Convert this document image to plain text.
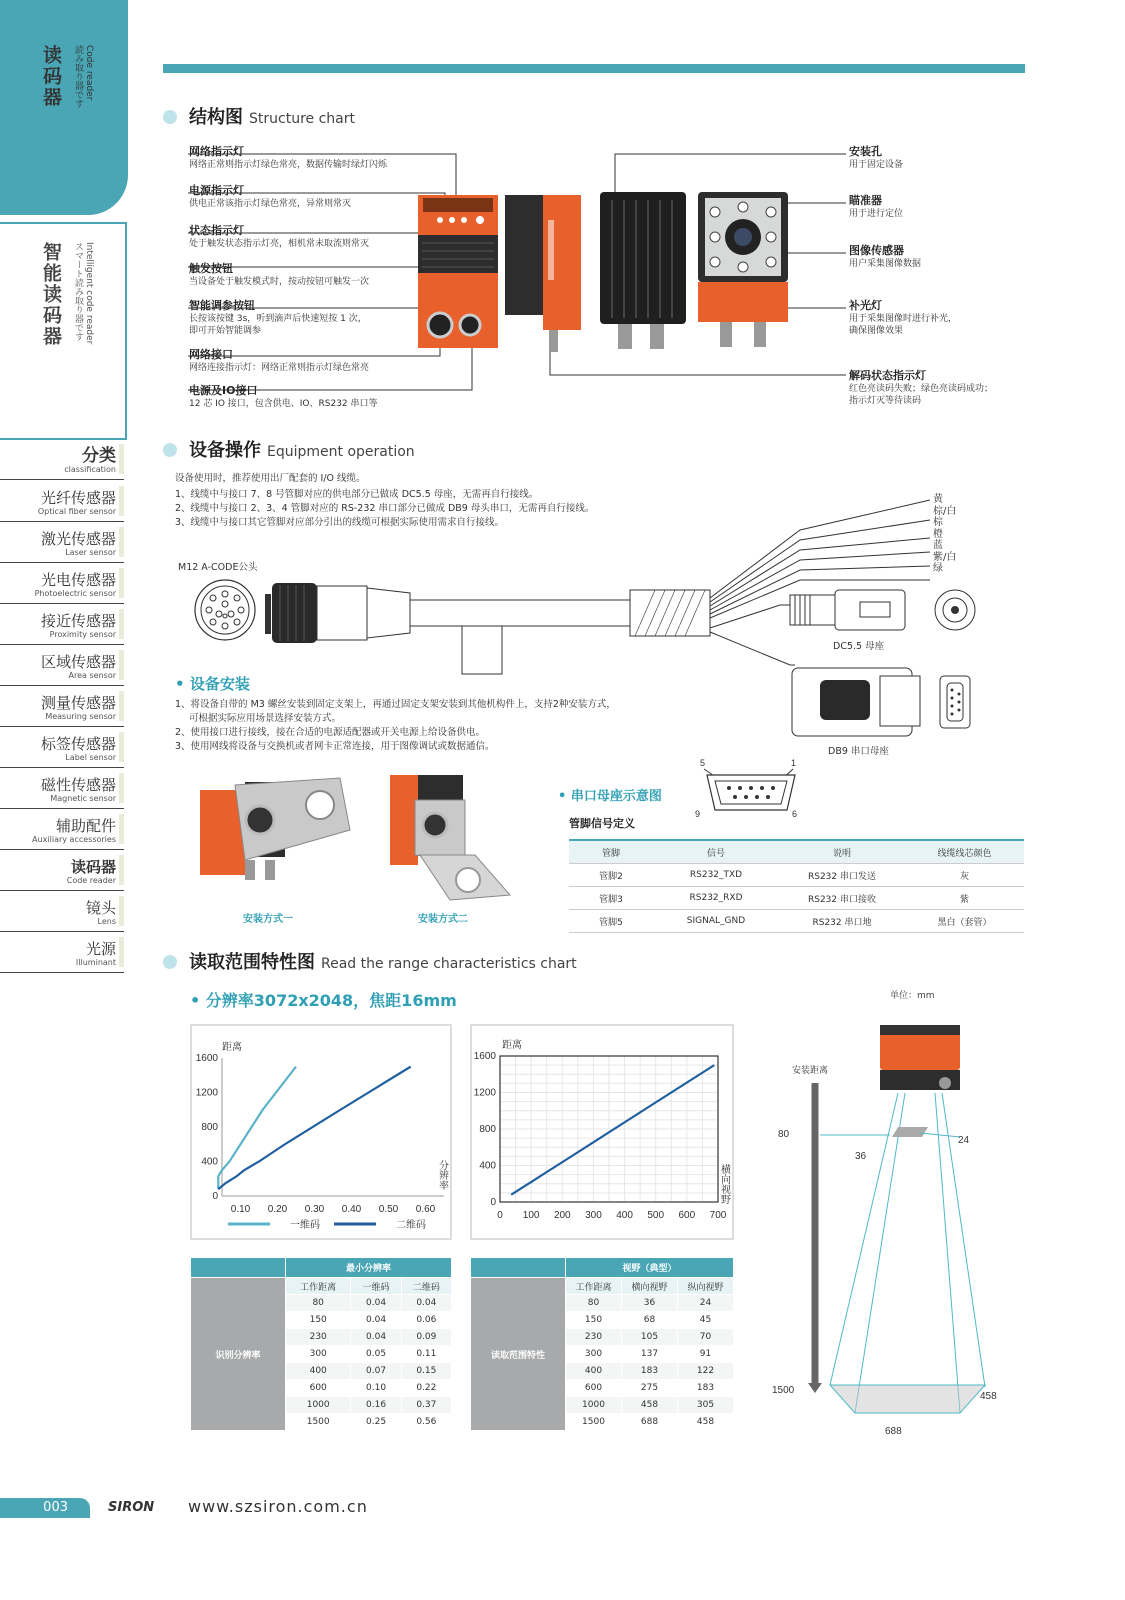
读码器	Code reader
読み取り器です
智能读码器	Intelligent code reader
スマート読み取り器です
分类
classification
光纤传感器
Optical fiber sensor
激光传感器
Laser sensor
光电传感器
Photoelectric sensor
接近传感器
Proximity sensor
区域传感器
Area sensor
测量传感器
Measuring sensor
标签传感器
Label sensor
磁性传感器
Magnetic sensor
辅助配件
Auxiliary accessories
读码器
Code reader
镜头
Lens
光源
Illuminant
结构图 Structure chart
网络指示灯
网络正常则指示灯绿色常亮，数据传输时绿灯闪烁
电源指示灯
供电正常该指示灯绿色常亮，异常则常灭
状态指示灯
处于触发状态指示灯亮，相机常未取流则常灭
触发按钮
当设备处于触发模式时，按动按钮可触发一次
智能调参按钮
长按该按键 3s，听到滴声后快速短按 1 次，
即可开始智能调参
网络接口
网络连接指示灯：网络正常则指示灯绿色常亮
电源及IO接口
12 芯 IO 接口，包含供电、IO、RS232 串口等
安装孔
用于固定设备
瞄准器
用于进行定位
图像传感器
用户采集图像数据
补光灯
用于采集图像时进行补光，
确保图像效果
解码状态指示灯
红色亮读码失败；绿色亮读码成功；
指示灯灭等待读码
设备操作 Equipment operation
设备使用时，推荐使用出厂配套的 I/O 线缆。
1、线缆中与接口 7、8 号管脚对应的供电部分已做成 DC5.5 母座，无需再自行接线。
2、线缆中与接口 2、3、4 管脚对应的 RS-232 串口部分已做成 DB9 母头串口，无需再自行接线。
3、线缆中与接口其它管脚对应部分引出的线缆可根据实际使用需求自行接线。
M12 A-CODE公头
黄
棕/白
棕
橙
蓝
紫/白
绿
DC5.5 母座
DB9 串口母座
• 设备安装
1、将设备自带的 M3 螺丝安装到固定支架上，再通过固定支架安装到其他机构件上，支持2种安装方式，
可根据实际应用场景选择安装方式。
2、使用接口进行接线，接在合适的电源适配器或开关电源上给设备供电。
3、使用网线将设备与交换机或者网卡正常连接，用于图像调试或数据通信。
安装方式一	安装方式二
• 串口母座示意图
5	1
9	6
管脚信号定义
管脚	信号	说明	线缆线芯颜色
管脚2	RS232_TXD	RS232 串口发送	灰
管脚3	RS232_RXD	RS232 串口接收	紫
管脚5	SIGNAL_GND	RS232 串口地	黑白（套管）
读取范围特性图 Read the range characteristics chart
• 分辨率3072x2048，焦距16mm	单位：mm
距离
分辨率
0
400
800
1200
1600
0.10 0.20 0.30 0.40 0.50 0.60
一维码	二维码
距离
横向视野
0
400
800
1200
1600
0 100 200 300 400 500 600 700
	最小分辨率		
识别分辨率	工作距离	一维码	二维码
	80	0.04	0.04
	150	0.04	0.06
	230	0.04	0.09
	300	0.05	0.11
	400	0.07	0.15
	600	0.10	0.22
	1000	0.16	0.37
	1500	0.25	0.56
	视野（典型）		
读取范围特性	工作距离	横向视野	纵向视野
	80	36	24
	150	68	45
	230	105	70
	300	137	91
	400	183	122
	600	275	183
	1000	458	305
	1500	688	458
安装距离
80
36
24
1500
458
688
003	SIRON www.szsiron.com.cn
